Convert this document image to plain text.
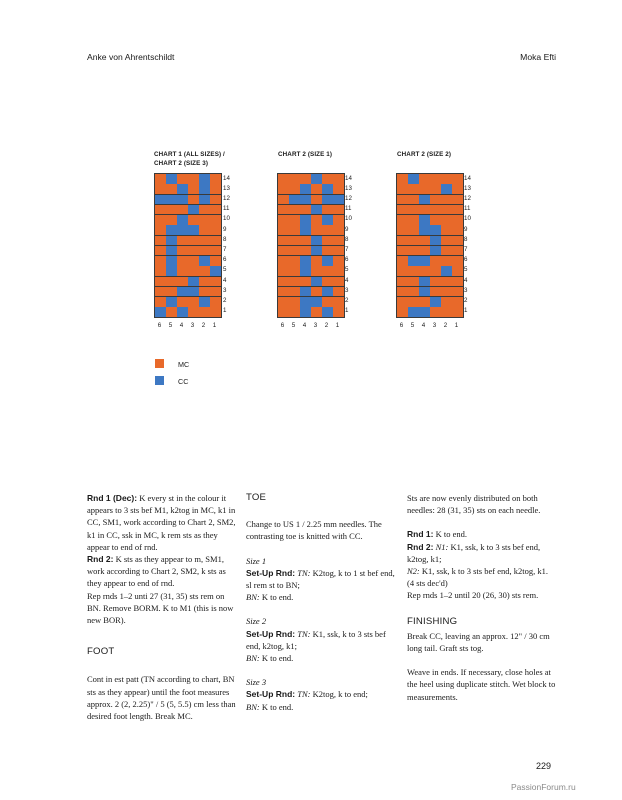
Anke von Ahrentschildt	Moka Efti
CHART 1 (ALL SIZES) /
CHART 2 (SIZE 3)
CHART 2 (SIZE 1)	CHART 2 (SIZE 2)
14
13
12
11
10
9
8
7
6
5
4
3
2
1
14
13
12
11
10
9
8
7
6
5
4
3
2
1
14
13
12
11
10
9
8
7
6
5
4
3
2
1
6 5 4 3 2 1	6 5 4 3 2 1	6 5 4 3 2 1
MC
CC

Rnd 1 (Dec): K every st in the colour it appears to 3 sts bef M1, k2tog in MC, k1 in CC, SM1, work according to Chart 2, SM2, k1 in CC, ssk in MC, k rem sts as they appear to end of rnd.

Rnd 2: K sts as they appear to m, SM1, work according to Chart 2, SM2, k sts as they appear to end of rnd.

Rep rnds 1–2 unti 27 (31, 35) sts rem on BN. Remove BORM. K to M1 (this is now new BOR).

FOOT

Cont in est patt (TN according to chart, BN sts as they appear) until the foot measures approx. 2 (2, 2.25)" / 5 (5, 5.5) cm less than desired foot length. Break MC.

TOE

Change to US 1 / 2.25 mm needles. The contrasting toe is knitted with CC.

Size 1

Set-Up Rnd: TN: K2tog, k to 1 st bef end, sl rem st to BN;

BN: K to end.

Size 2

Set-Up Rnd: TN: K1, ssk, k to 3 sts bef end, k2tog, k1;

BN: K to end.

Size 3

Set-Up Rnd: TN: K2tog, k to end;

BN: K to end.

Sts are now evenly distributed on both needles: 28 (31, 35) sts on each needle.

Rnd 1: K to end.

Rnd 2: N1: K1, ssk, k to 3 sts bef end, k2tog, k1;

N2: K1, ssk, k to 3 sts bef end, k2tog, k1. (4 sts dec'd)

Rep rnds 1–2 until 20 (26, 30) sts rem.

FINISHING

Break CC, leaving an approx. 12" / 30 cm long tail. Graft sts tog.

Weave in ends. If necessary, close holes at the heel using duplicate stitch. Wet block to measurements.

229
PassionForum.ru
